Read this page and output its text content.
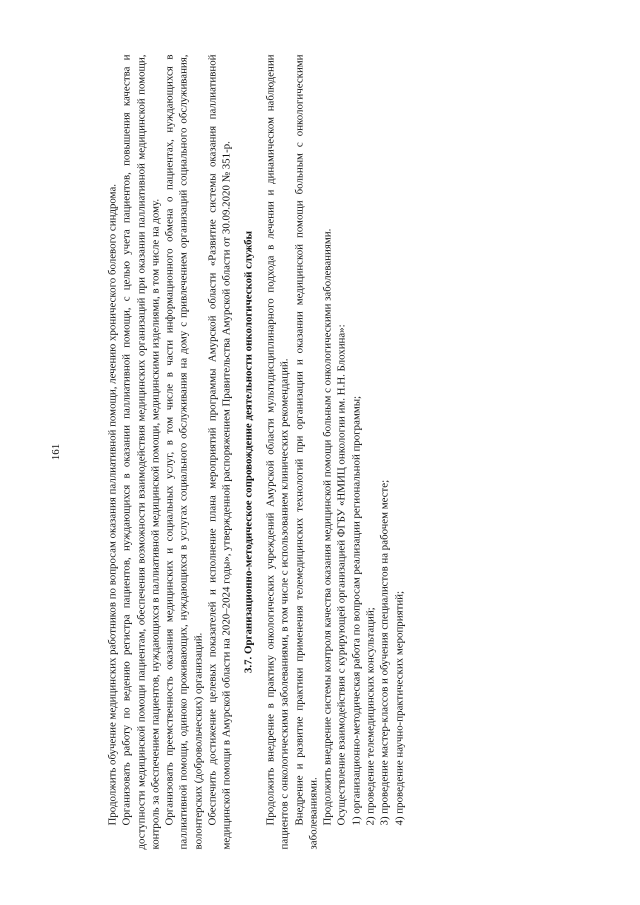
161	Продолжить обучение медицинских работников по вопросам оказания паллиативной помощи, лечению хронического болевого синдрома. Организовать работу по ведению регистра пациентов, нуждающихся в оказании паллиативной помощи, с целью учета пациентов, повышения качества и доступности медицинской помощи пациентам, обеспечения возможности взаимодействия медицинских организаций при оказании паллиативной медицинской помощи, контроль за обеспечением пациентов, нуждающихся в паллиативной медицинской помощи, медицинскими изделиями, в том числе на дому. Организовать преемственность оказания медицинских и социальных услуг, в том числе в части информационного обмена о пациентах, нуждающихся в паллиативной помощи, одиноко проживающих, нуждающихся в услугах социального обслуживания на дому с привлечением организаций социального обслуживания, волонтерских (добровольческих) организаций. Обеспечить достижение целевых показателей и исполнение плана мероприятий программы Амурской области «Развитие системы оказания паллиативной медицинской помощи в Амурской области на 2020–2024 годы», утвержденной распоряжением Правительства Амурской области от 30.09.2020 № 351-р. 3.7. Организационно-методическое сопровождение деятельности онкологической службы Продолжить внедрение в практику онкологических учреждений Амурской области мультидисциплинарного подхода в лечении и динамическом наблюдении пациентов с онкологическими заболеваниями, в том числе с использованием клинических рекомендаций. Внедрение и развитие практики применения телемедицинских технологий при организации и оказании медицинской помощи больным с онкологическими заболеваниями. Продолжить внедрение системы контроля качества оказания медицинской помощи больным с онкологическими заболеваниями. Осуществление взаимодействия с курирующей организацией ФГБУ «НМИЦ онкологии им. Н.Н. Блохина»: 1) организационно-методическая работа по вопросам реализации региональной программы; 2) проведение телемедицинских консультаций; 3) проведение мастер-классов и обучения специалистов на рабочем месте; 4) проведение научно-практических мероприятий;
